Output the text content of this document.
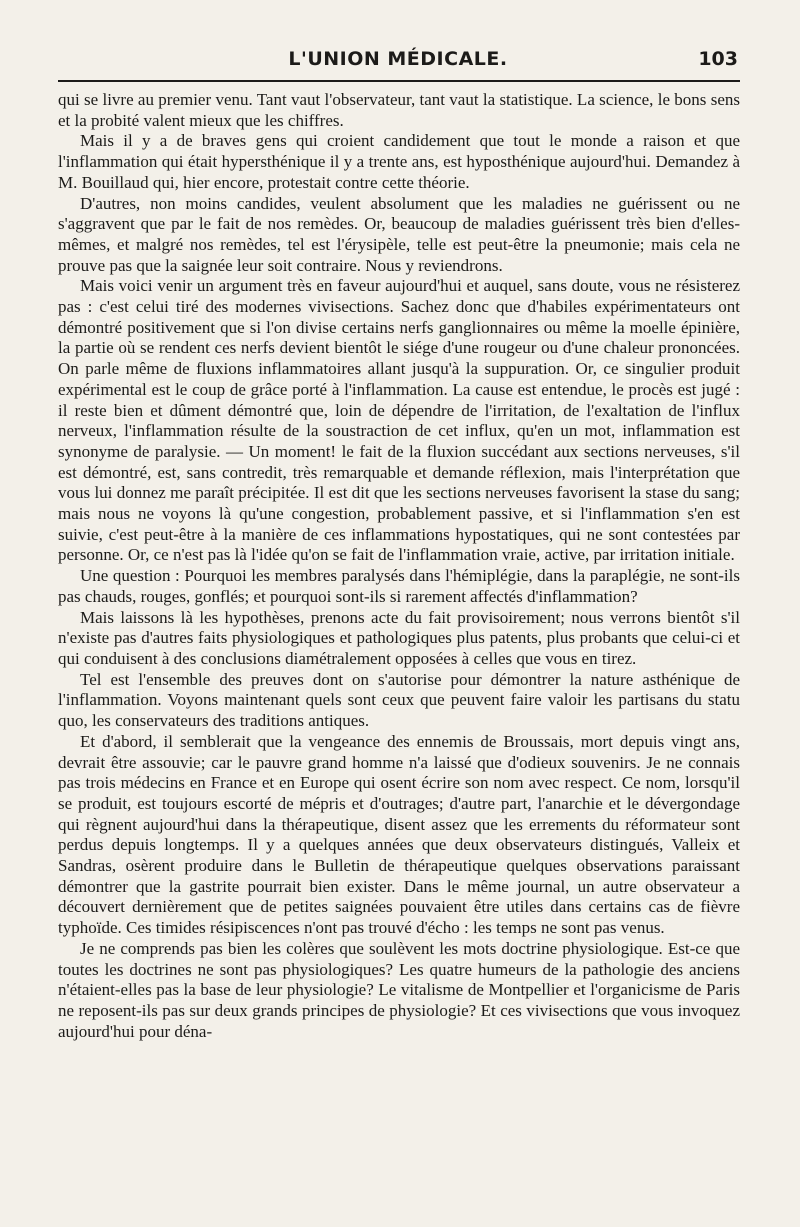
L'UNION MÉDICALE.	103

qui se livre au premier venu. Tant vaut l'observateur, tant vaut la statistique. La science, le bons sens et la probité valent mieux que les chiffres.

Mais il y a de braves gens qui croient candidement que tout le monde a raison et que l'inflammation qui était hypersthénique il y a trente ans, est hyposthénique aujourd'hui. Demandez à M. Bouillaud qui, hier encore, protestait contre cette théorie.

D'autres, non moins candides, veulent absolument que les maladies ne guérissent ou ne s'aggravent que par le fait de nos remèdes. Or, beaucoup de maladies guérissent très bien d'elles-mêmes, et malgré nos remèdes, tel est l'érysipèle, telle est peut-être la pneumonie; mais cela ne prouve pas que la saignée leur soit contraire. Nous y reviendrons.

Mais voici venir un argument très en faveur aujourd'hui et auquel, sans doute, vous ne résisterez pas : c'est celui tiré des modernes vivisections. Sachez donc que d'habiles expérimentateurs ont démontré positivement que si l'on divise certains nerfs ganglionnaires ou même la moelle épinière, la partie où se rendent ces nerfs devient bientôt le siége d'une rougeur ou d'une chaleur prononcées. On parle même de fluxions inflammatoires allant jusqu'à la suppuration. Or, ce singulier produit expérimental est le coup de grâce porté à l'inflammation. La cause est entendue, le procès est jugé : il reste bien et dûment démontré que, loin de dépendre de l'irritation, de l'exaltation de l'influx nerveux, l'inflammation résulte de la soustraction de cet influx, qu'en un mot, inflammation est synonyme de paralysie. — Un moment! le fait de la fluxion succédant aux sections nerveuses, s'il est démontré, est, sans contredit, très remarquable et demande réflexion, mais l'interprétation que vous lui donnez me paraît précipitée. Il est dit que les sections nerveuses favorisent la stase du sang; mais nous ne voyons là qu'une congestion, probablement passive, et si l'inflammation s'en est suivie, c'est peut-être à la manière de ces inflammations hypostatiques, qui ne sont contestées par personne. Or, ce n'est pas là l'idée qu'on se fait de l'inflammation vraie, active, par irritation initiale.

Une question : Pourquoi les membres paralysés dans l'hémiplégie, dans la paraplégie, ne sont-ils pas chauds, rouges, gonflés; et pourquoi sont-ils si rarement affectés d'inflammation?

Mais laissons là les hypothèses, prenons acte du fait provisoirement; nous verrons bientôt s'il n'existe pas d'autres faits physiologiques et pathologiques plus patents, plus probants que celui-ci et qui conduisent à des conclusions diamétralement opposées à celles que vous en tirez.

Tel est l'ensemble des preuves dont on s'autorise pour démontrer la nature asthénique de l'inflammation. Voyons maintenant quels sont ceux que peuvent faire valoir les partisans du statu quo, les conservateurs des traditions antiques.

Et d'abord, il semblerait que la vengeance des ennemis de Broussais, mort depuis vingt ans, devrait être assouvie; car le pauvre grand homme n'a laissé que d'odieux souvenirs. Je ne connais pas trois médecins en France et en Europe qui osent écrire son nom avec respect. Ce nom, lorsqu'il se produit, est toujours escorté de mépris et d'outrages; d'autre part, l'anarchie et le dévergondage qui règnent aujourd'hui dans la thérapeutique, disent assez que les errements du réformateur sont perdus depuis longtemps. Il y a quelques années que deux observateurs distingués, Valleix et Sandras, osèrent produire dans le Bulletin de thérapeutique quelques observations paraissant démontrer que la gastrite pourrait bien exister. Dans le même journal, un autre observateur a découvert dernièrement que de petites saignées pouvaient être utiles dans certains cas de fièvre typhoïde. Ces timides résipiscences n'ont pas trouvé d'écho : les temps ne sont pas venus.

Je ne comprends pas bien les colères que soulèvent les mots doctrine physiologique. Est-ce que toutes les doctrines ne sont pas physiologiques? Les quatre humeurs de la pathologie des anciens n'étaient-elles pas la base de leur physiologie? Le vitalisme de Montpellier et l'organicisme de Paris ne reposent-ils pas sur deux grands principes de physiologie? Et ces vivisections que vous invoquez aujourd'hui pour déna-
